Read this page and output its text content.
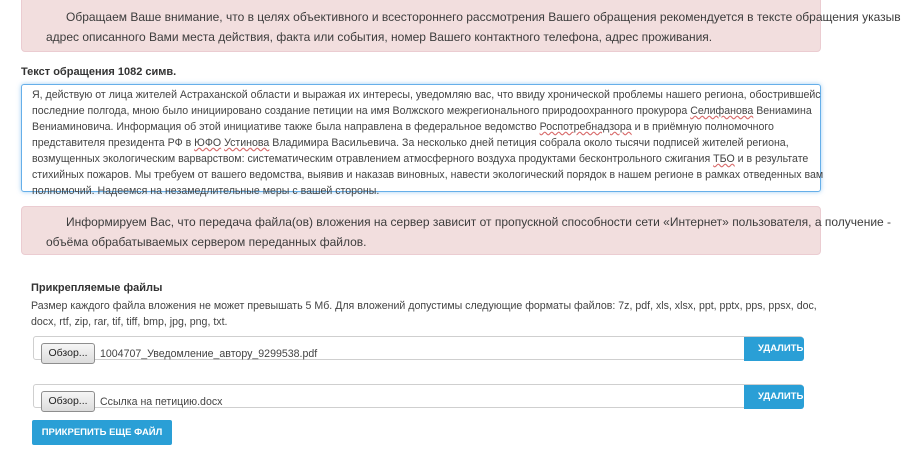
Обращаем Ваше внимание, что в целях объективного и всестороннего рассмотрения Вашего обращения рекомендуется в тексте обращения указыв
адрес описанного Вами места действия, факта или события, номер Вашего контактного телефона, адрес проживания.
Текст обращения 1082 симв.
Я, действую от лица жителей Астраханской области и выражая их интересы, уведомляю вас, что ввиду хронической проблемы нашего региона, обострившейс
последние полгода, мною было инициировано создание петиции на имя Волжского межрегионального природоохранного прокурора Селифанова Вениамина
Вениаминовича. Информация об этой инициативе также была направлена в федеральное ведомство Роспотребнадзора и в приёмную полномочного
представителя президента РФ в ЮФО Устинова Владимира Васильевича. За несколько дней петиция собрала около тысячи подписей жителей региона,
возмущенных экологическим варварством: систематическим отравлением атмосферного воздуха продуктами бесконтрольного сжигания ТБО и в результате
стихийных пожаров. Мы требуем от вашего ведомства, выявив и наказав виновных, навести экологический порядок в нашем регионе в рамках отведенных вам
полномочий. Надеемся на незамедлительные меры с вашей стороны.
Информируем Вас, что передача файла(ов) вложения на сервер зависит от пропускной способности сети «Интернет» пользователя, а получение -
объёма обрабатываемых сервером переданных файлов.
Прикрепляемые файлы
Размер каждого файла вложения не может превышать 5 Мб. Для вложений допустимы следующие форматы файлов: 7z, pdf, xls, xlsx, ppt, pptx, pps, ppsx, doc,
docx, rtf, zip, rar, tif, tiff, bmp, jpg, png, txt.
Обзор...	1004707_Уведомление_автору_9299538.pdf	УДАЛИТЬ
Обзор...	Ссылка на петицию.docx	УДАЛИТЬ
ПРИКРЕПИТЬ ЕЩЕ ФАЙЛ
